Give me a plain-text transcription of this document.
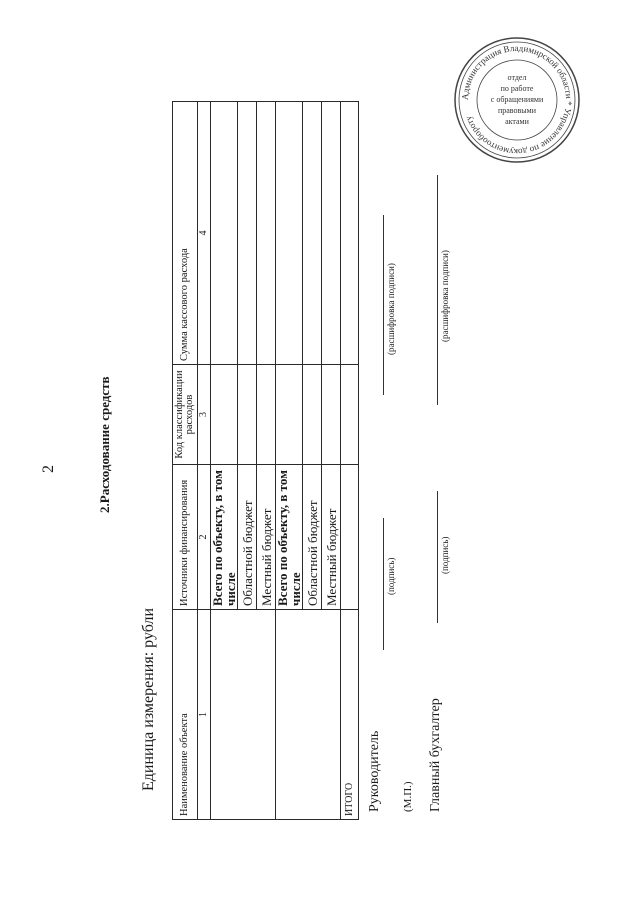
2	2.Расходование средств
Единица измерения: рубли Наименование объекта	Источники финансирования	Код классификации расходов	Сумма кассового расхода
1	2	3	4
	Всего по объекту, в том числе		
	Областной бюджет		
	Местный бюджет		
	Всего по объекту, в том числе		
	Областной бюджет		
	Местный бюджет		
ИТОГО			Руководитель
(подпись)
(расшифровка подписи)
(М.П.) Главный бухгалтер
(подпись)
(расшифровка подписи)
Администрация Владимирской области * Управление по документообороту
отдел
по работе
с обращениями
правовыми
актами
